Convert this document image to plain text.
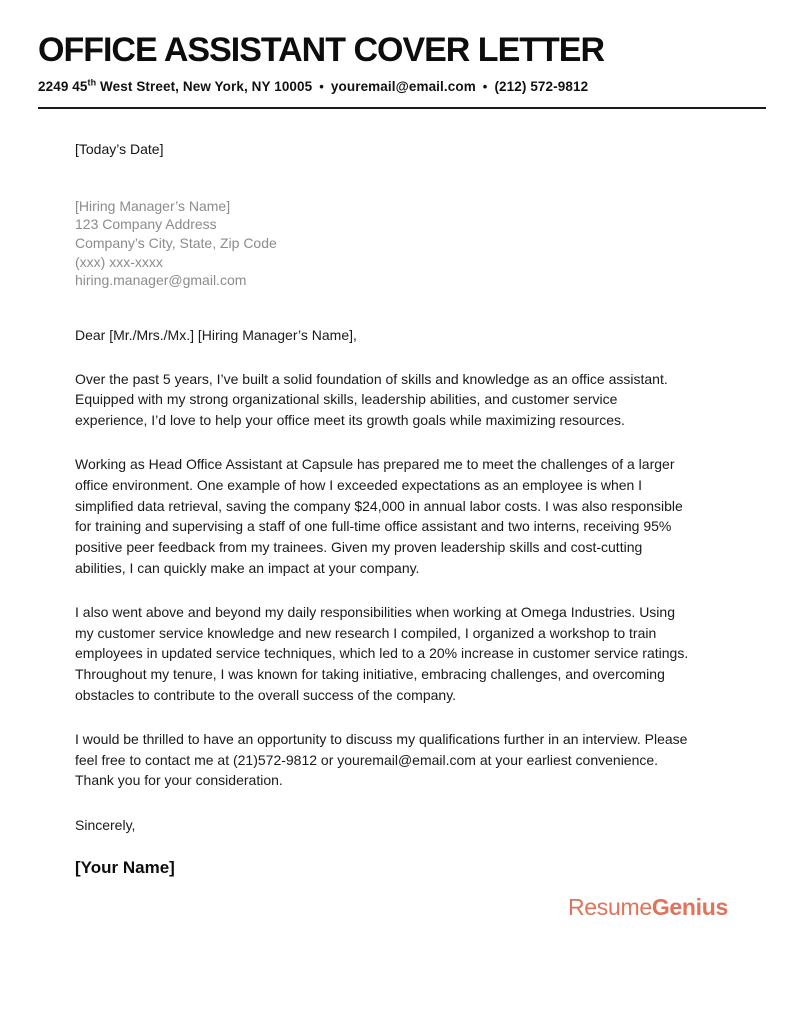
OFFICE ASSISTANT COVER LETTER
2249 45th West Street, New York, NY 10005 • youremail@email.com • (212) 572-9812
[Today’s Date]
[Hiring Manager’s Name]
123 Company Address
Company’s City, State, Zip Code
(xxx) xxx-xxxx
hiring.manager@gmail.com
Dear [Mr./Mrs./Mx.] [Hiring Manager’s Name],

Over the past 5 years, I’ve built a solid foundation of skills and knowledge as an office assistant. Equipped with my strong organizational skills, leadership abilities, and customer service experience, I’d love to help your office meet its growth goals while maximizing resources.

Working as Head Office Assistant at Capsule has prepared me to meet the challenges of a larger office environment. One example of how I exceeded expectations as an employee is when I simplified data retrieval, saving the company $24,000 in annual labor costs. I was also responsible for training and supervising a staff of one full-time office assistant and two interns, receiving 95% positive peer feedback from my trainees. Given my proven leadership skills and cost-cutting abilities, I can quickly make an impact at your company.

I also went above and beyond my daily responsibilities when working at Omega Industries. Using my customer service knowledge and new research I compiled, I organized a workshop to train employees in updated service techniques, which led to a 20% increase in customer service ratings. Throughout my tenure, I was known for taking initiative, embracing challenges, and overcoming obstacles to contribute to the overall success of the company.

I would be thrilled to have an opportunity to discuss my qualifications further in an interview. Please feel free to contact me at (21)572-9812 or youremail@email.com at your earliest convenience. Thank you for your consideration.

Sincerely,
[Your Name]
ResumeGenius
